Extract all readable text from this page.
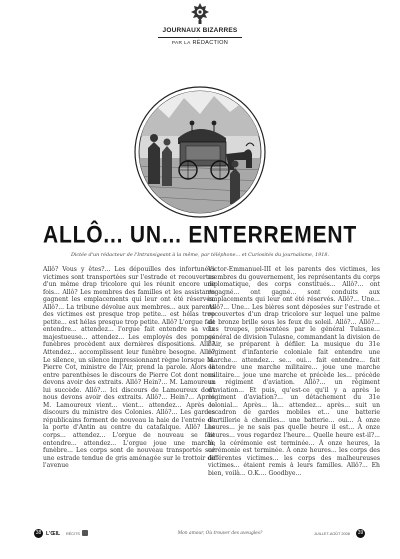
JOURNAUX BIZARRES
PAR LA RÉDACTION
ALLÔ... UN... ENTERREMENT
Dictée d'un rédacteur de l'Intransigeant à la même, par téléphone... et Curiosités du journalisme, 1918.

Allô? Vous y êtes?... Les dépouilles des infortunées victimes sont transportées sur l'estrade et recouvertes d'un même drap tricolore qui les réunit encore une fois... Allô? Les membres des familles et les assistants gagnent les emplacements qui leur ont été réservés. Allô?... La tribune dévolue aux membres... aux parents des victimes est presque trop petite... est hélas trop petite... est hélas presque trop petite. Allô? L'orgue fait entendre... attendez... l'orgue fait entendre sa voix majestueuse... attendez... Les employés des pompes funèbres procèdent aux dernières dispositions. Allô? Attendez... accomplissent leur funèbre besogne. Allô? Le silence, un silence impressionnant règne lorsque M. Pierre Cot, ministre de l'Air, prend la parole. Alors là entre parenthèses le discours de Pierre Cot dont nous devons avoir des extraits. Allô? Hein?... M. Lamoureux lui succède. Allô?... Ici discours de Lamoureux dont nous devons avoir des extraits. Allô?... Hein?... Après M. Lamoureux vient... vient... attendez... Après le discours du ministre des Colonies. Allô?... Les gardes républicains forment de nouveau la haie de l'entrée de la porte d'Antin au centre du catafalque. Allô? Les corps... attendez... L'orgue de nouveau se fait entendre... attendez... L'orgue joue une marche funèbre... Les corps sont de nouveau transportés sur une estrade tendue de gris aménagée sur le trottoir de l'avenue

Victor-Emmanuel-III et les parents des victimes, les membres du gouvernement, les représentants du corps diplomatique, des corps constitués... Allô?... ont regagné... ont gagné... sont conduits aux emplacements qui leur ont été réservés. Allô?... Une... Allô?... Une... Les bières sont déposées sur l'estrade et recouvertes d'un drap tricolore sur lequel une palme de bronze brille sous les feux du soleil. Allô?... Allô?... Les troupes, présentées par le général Tulasne... général de division Tulasne, commandant la division de l'Air, se préparent à défiler. La musique du 31e régiment d'infanterie coloniale fait entendre une marche... attendez... se... oui... fait entendre... fait entendre une marche militaire... joue une marche militaire... joue une marche et précède les... précède un régiment d'aviation. Allô?... un régiment d'aviation... Et puis, qu'est-ce qu'il y a après le régiment d'aviation?... un détachement du 31e colonial... Après... là... attendez... après... suit un escadron de gardes mobiles et... une batterie d'artillerie à chenilles... une batterie... oui... À onze heures... je ne sais pas quelle heure il est... À onze heures... vous regardez l'heure... Quelle heure est-il?... là, la cérémonie est terminée... À onze heures, la cérémonie est terminée. À onze heures... les corps des différentes victimes... les corps des malheureuses victimes... étaient remis à leurs familles. Allô?... Eh bien, voilà... O.K.... Goodbye...

38 L'ŒIL RÉCITS	Mon amour, Où trouver des aveugles?	JUILLET-AOÛT 2008	39
